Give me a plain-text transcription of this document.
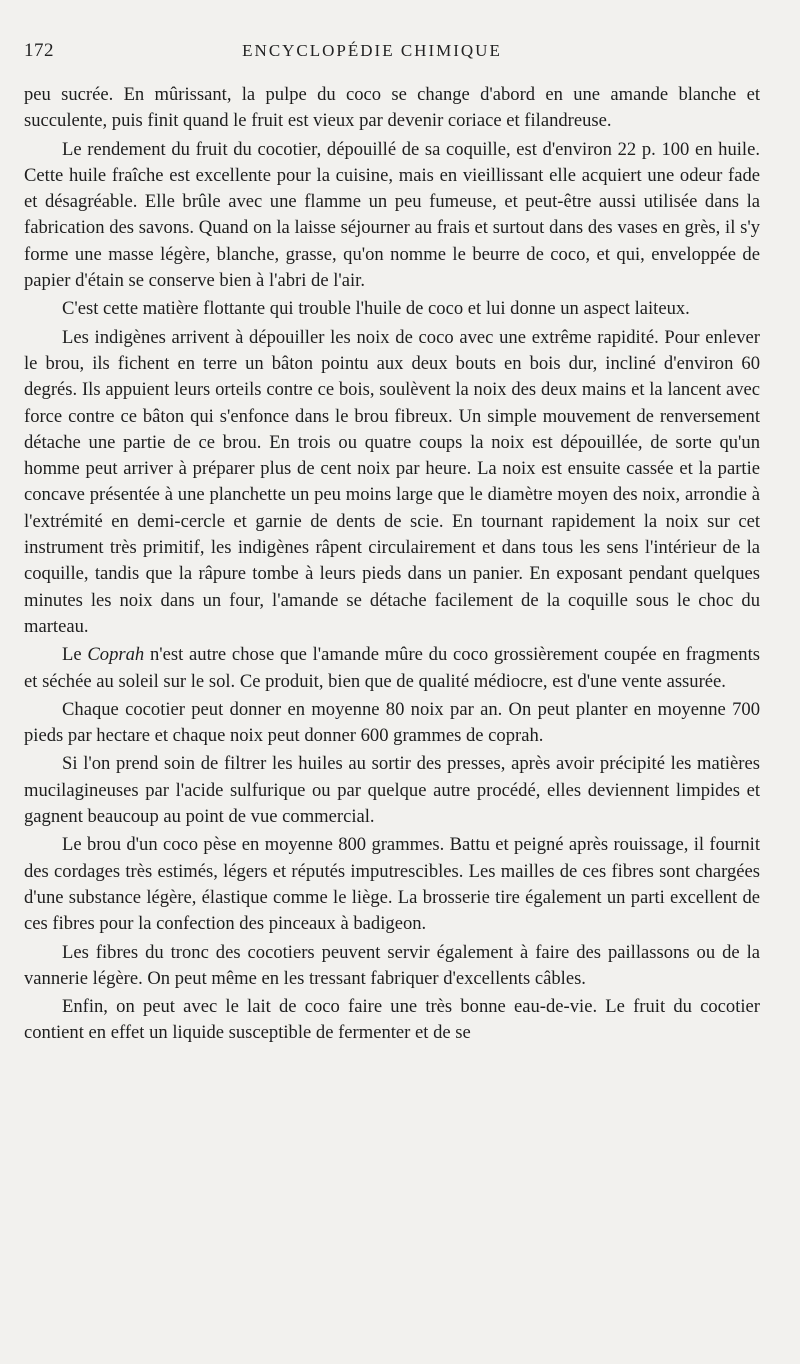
172	ENCYCLOPÉDIE CHIMIQUE

peu sucrée. En mûrissant, la pulpe du coco se change d'abord en une amande blanche et succulente, puis finit quand le fruit est vieux par devenir coriace et filandreuse.

Le rendement du fruit du cocotier, dépouillé de sa coquille, est d'environ 22 p. 100 en huile. Cette huile fraîche est excellente pour la cuisine, mais en vieillissant elle acquiert une odeur fade et désagréable. Elle brûle avec une flamme un peu fumeuse, et peut-être aussi utilisée dans la fabrication des savons. Quand on la laisse séjourner au frais et surtout dans des vases en grès, il s'y forme une masse légère, blanche, grasse, qu'on nomme le beurre de coco, et qui, enveloppée de papier d'étain se conserve bien à l'abri de l'air.

C'est cette matière flottante qui trouble l'huile de coco et lui donne un aspect laiteux.

Les indigènes arrivent à dépouiller les noix de coco avec une extrême rapidité. Pour enlever le brou, ils fichent en terre un bâton pointu aux deux bouts en bois dur, incliné d'environ 60 degrés. Ils appuient leurs orteils contre ce bois, soulèvent la noix des deux mains et la lancent avec force contre ce bâton qui s'enfonce dans le brou fibreux. Un simple mouvement de renversement détache une partie de ce brou. En trois ou quatre coups la noix est dépouillée, de sorte qu'un homme peut arriver à préparer plus de cent noix par heure. La noix est ensuite cassée et la partie concave présentée à une planchette un peu moins large que le diamètre moyen des noix, arrondie à l'extrémité en demi-cercle et garnie de dents de scie. En tournant rapidement la noix sur cet instrument très primitif, les indigènes râpent circulairement et dans tous les sens l'intérieur de la coquille, tandis que la râpure tombe à leurs pieds dans un panier. En exposant pendant quelques minutes les noix dans un four, l'amande se détache facilement de la coquille sous le choc du marteau.

Le Coprah n'est autre chose que l'amande mûre du coco grossièrement coupée en fragments et séchée au soleil sur le sol. Ce produit, bien que de qualité médiocre, est d'une vente assurée.

Chaque cocotier peut donner en moyenne 80 noix par an. On peut planter en moyenne 700 pieds par hectare et chaque noix peut donner 600 grammes de coprah.

Si l'on prend soin de filtrer les huiles au sortir des presses, après avoir précipité les matières mucilagineuses par l'acide sulfurique ou par quelque autre procédé, elles deviennent limpides et gagnent beaucoup au point de vue commercial.

Le brou d'un coco pèse en moyenne 800 grammes. Battu et peigné après rouissage, il fournit des cordages très estimés, légers et réputés imputrescibles. Les mailles de ces fibres sont chargées d'une substance légère, élastique comme le liège. La brosserie tire également un parti excellent de ces fibres pour la confection des pinceaux à badigeon.

Les fibres du tronc des cocotiers peuvent servir également à faire des paillassons ou de la vannerie légère. On peut même en les tressant fabriquer d'excellents câbles.

Enfin, on peut avec le lait de coco faire une très bonne eau-de-vie. Le fruit du cocotier contient en effet un liquide susceptible de fermenter et de se
